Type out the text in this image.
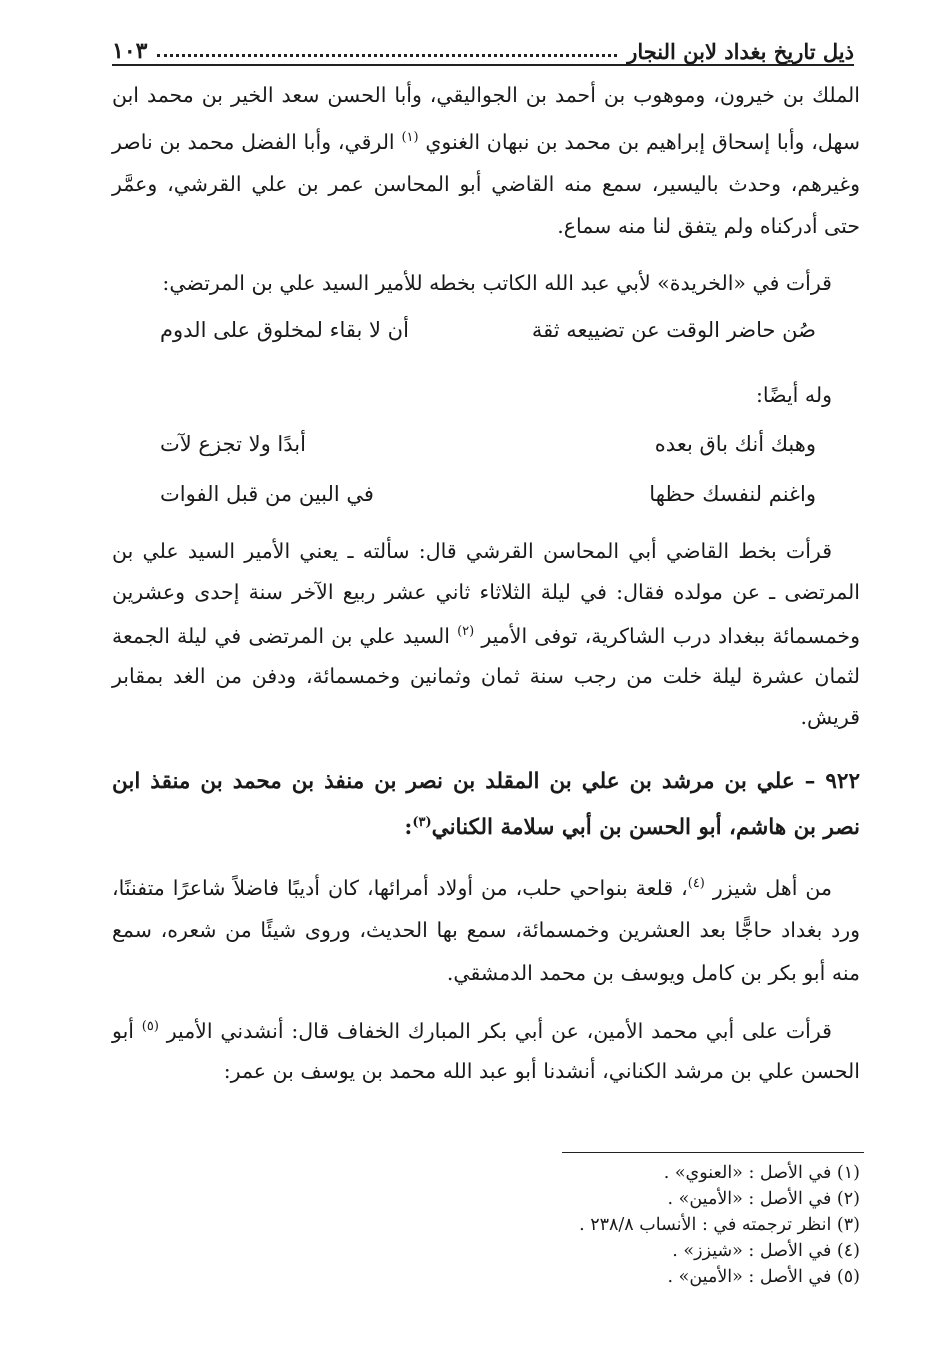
ذيل تاريخ بغداد لابن النجار
١٠٣

الملك بن خيرون، وموهوب بن أحمد بن الجواليقي، وأبا الحسن سعد الخير بن محمد ابن سهل، وأبا إسحاق إبراهيم بن محمد بن نبهان الغنوي $^{(١)}$ الرقي، وأبا الفضل محمد بن ناصر وغيرهم، وحدث باليسير، سمع منه القاضي أبو المحاسن عمر بن علي القرشي، وعمَّر حتى أدركناه ولم يتفق لنا منه سماع.

قرأت في «الخريدة» لأبي عبد الله الكاتب بخطه للأمير السيد علي بن المرتضي:

صُن حاضر الوقت عن تضييعه ثقة
أن لا بقاء لمخلوق على الدوم

وله أيضًا:

وهبك أنك باق بعده
أبدًا ولا تجزع لآت
واغنم لنفسك حظها
في البين من قبل الفوات

قرأت بخط القاضي أبي المحاسن القرشي قال: سألته ـ يعني الأمير السيد علي بن المرتضى ـ عن مولده فقال: في ليلة الثلاثاء ثاني عشر ربيع الآخر سنة إحدى وعشرين وخمسمائة ببغداد درب الشاكرية، توفى الأمير $^{(٢)}$ السيد علي بن المرتضى في ليلة الجمعة لثمان عشرة ليلة خلت من رجب سنة ثمان وثمانين وخمسمائة، ودفن من الغد بمقابر قريش.

٩٢٢ – علي بن مرشد بن علي بن المقلد بن نصر بن منفذ بن محمد بن منقذ ابن نصر بن هاشم، أبو الحسن بن أبي سلامة الكناني$^{(٣)}$:

من أهل شيزر $^{(٤)}$، قلعة بنواحي حلب، من أولاد أمرائها، كان أديبًا فاضلاً شاعرًا متفننًا، ورد بغداد حاجًّا بعد العشرين وخمسمائة، سمع بها الحديث، وروى شيئًا من شعره، سمع منه أبو بكر بن كامل ويوسف بن محمد الدمشقي.

قرأت على أبي محمد الأمين، عن أبي بكر المبارك الخفاف قال: أنشدني الأمير $^{(٥)}$ أبو الحسن علي بن مرشد الكناني، أنشدنا أبو عبد الله محمد بن يوسف بن عمر:

(١) في الأصل : «العنوي» .

(٢) في الأصل : «الأمين» .

(٣) انظر ترجمته في : الأنساب ٢٣٨/٨ .

(٤) في الأصل : «شيزز» .

(٥) في الأصل : «الأمين» .
